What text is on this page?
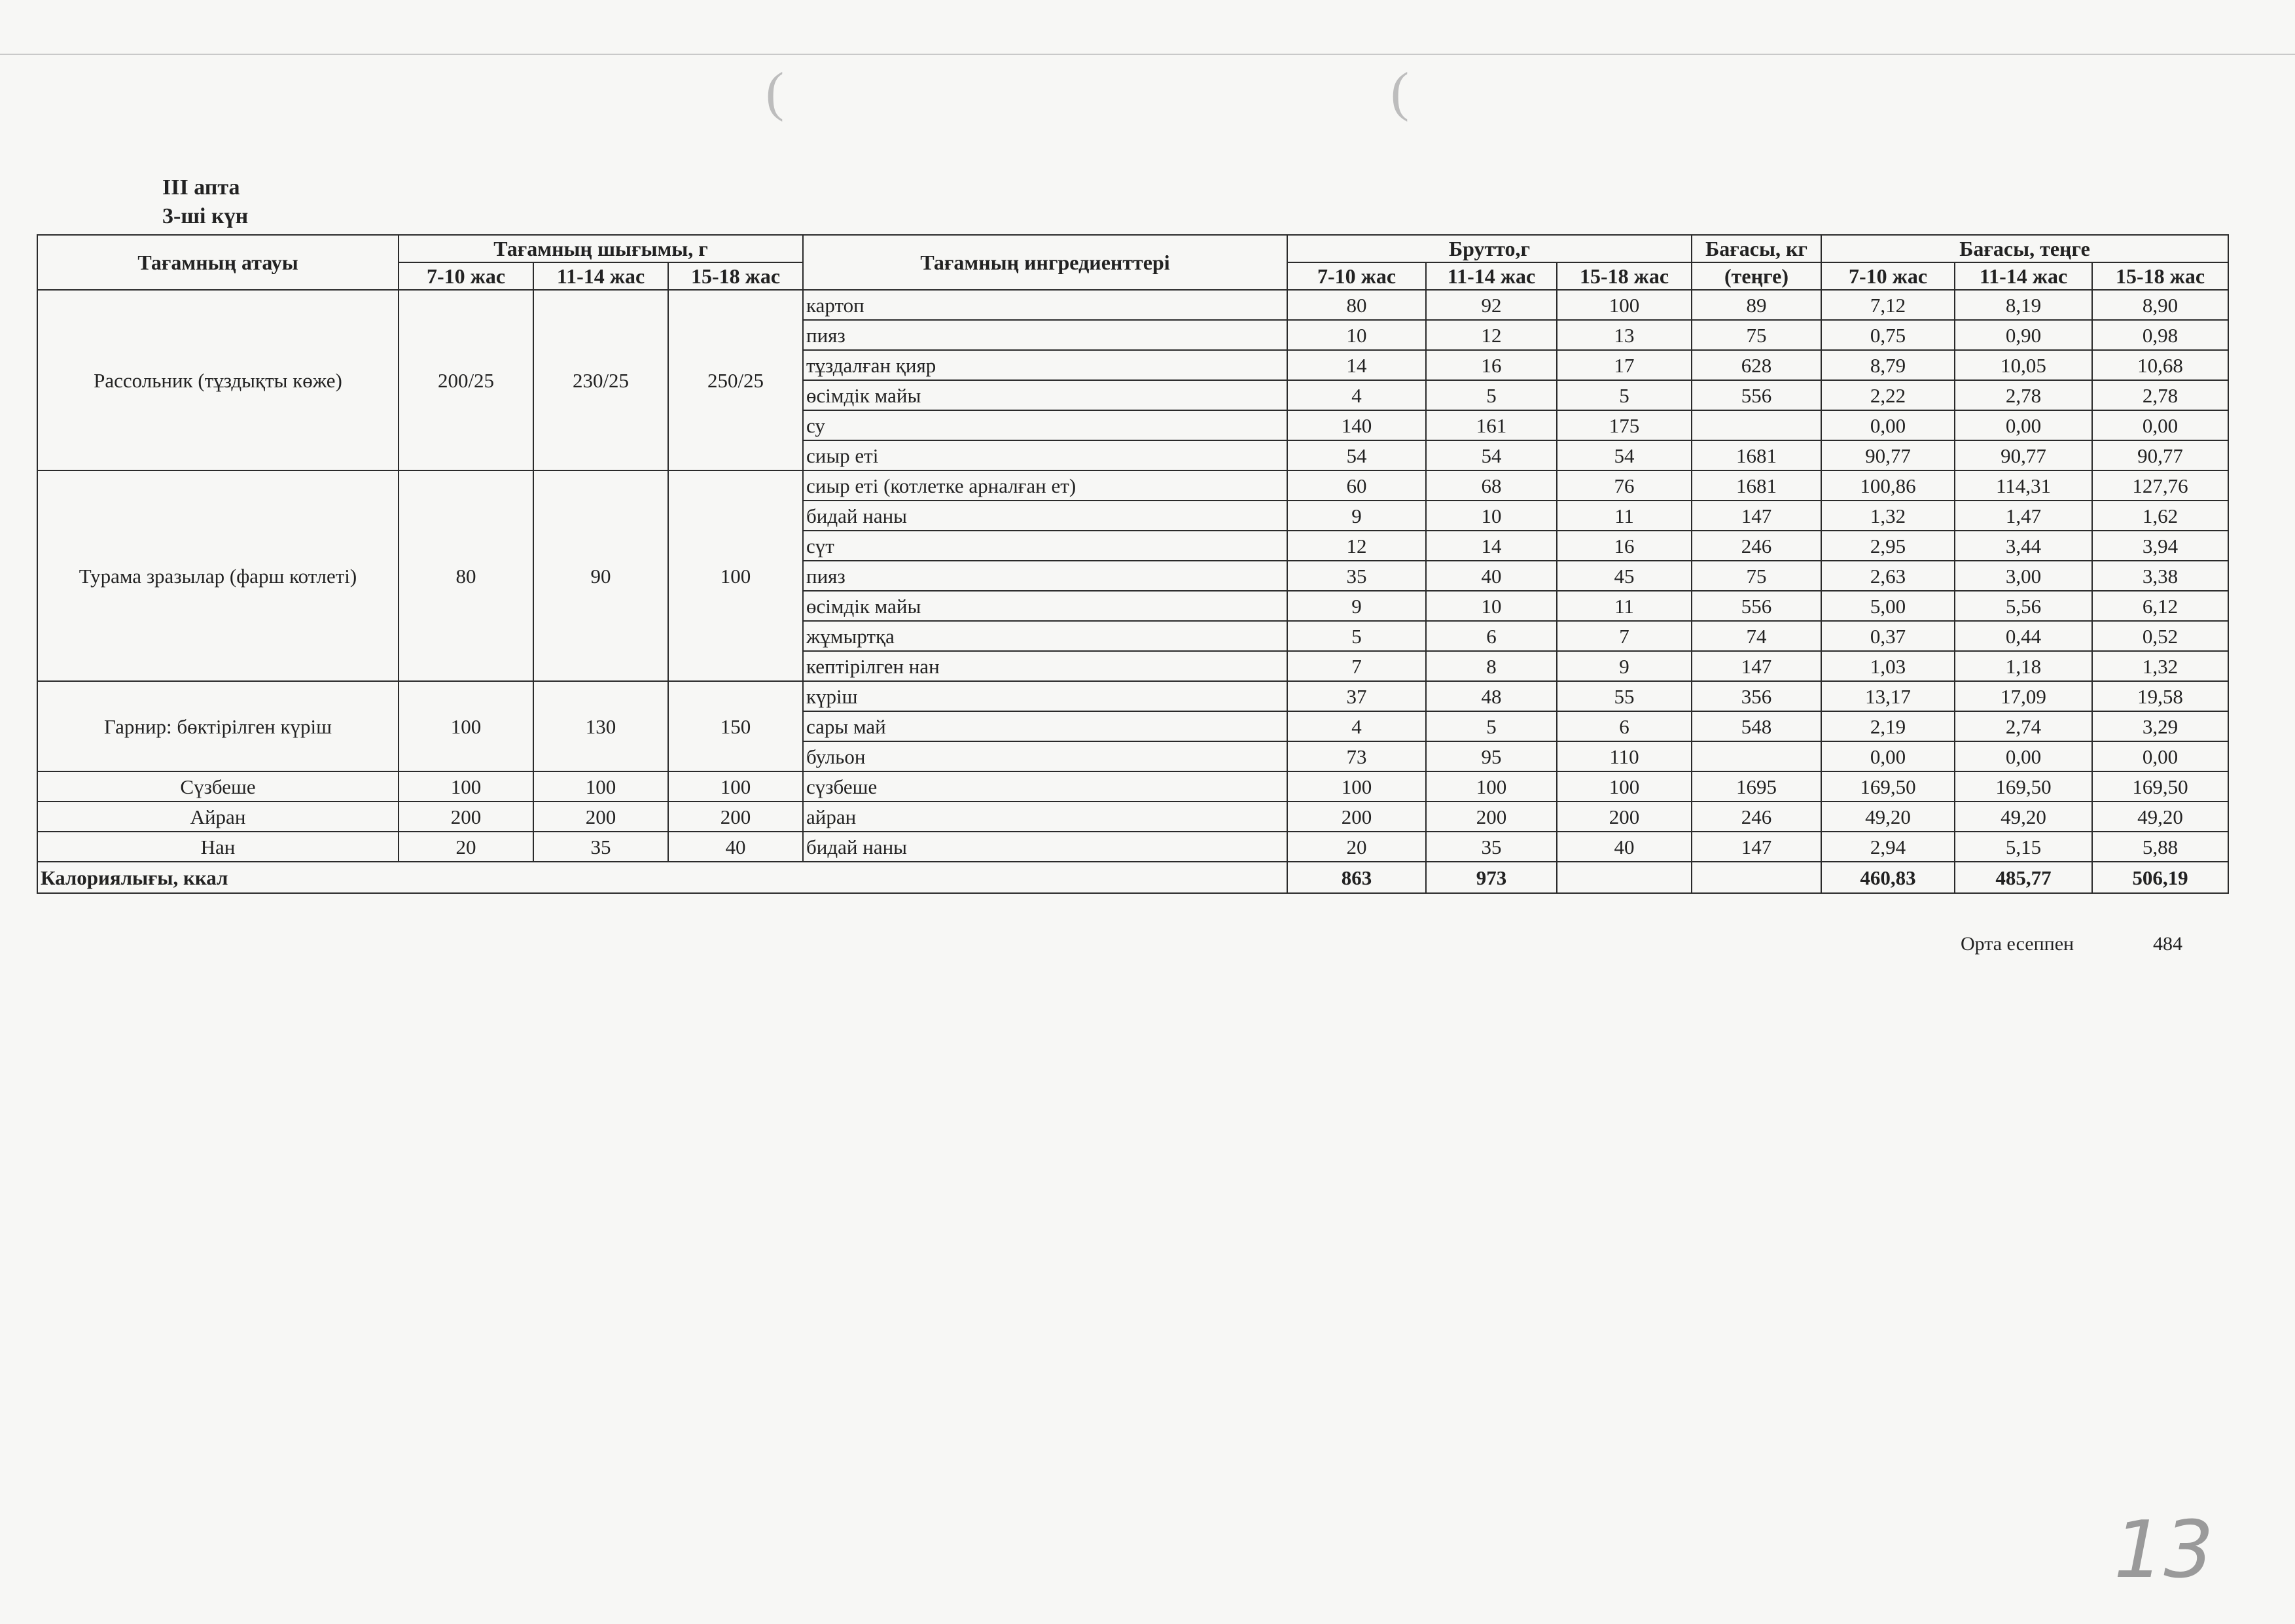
(	(
III апта
3-ші күн
Тағамның атауы	Тағамның шығымы, г			Тағамның ингредиенттері	Брутто,г			Бағасы, кг	Бағасы, теңге		
	7-10 жас	11-14 жас	15-18 жас		7-10 жас	11-14 жас	15-18 жас	(теңге)	7-10 жас	11-14 жас	15-18 жас
Рассольник (тұздықты көже)	200/25	230/25	250/25	картоп	80	92	100	89	7,12	8,19	8,90
				пияз	10	12	13	75	0,75	0,90	0,98
				тұздалған қияр	14	16	17	628	8,79	10,05	10,68
				өсімдік майы	4	5	5	556	2,22	2,78	2,78
				су	140	161	175		0,00	0,00	0,00
				сиыр еті	54	54	54	1681	90,77	90,77	90,77
Турама зразылар (фарш котлеті)	80	90	100	сиыр еті (котлетке арналған ет)	60	68	76	1681	100,86	114,31	127,76
				бидай наны	9	10	11	147	1,32	1,47	1,62
				сүт	12	14	16	246	2,95	3,44	3,94
				пияз	35	40	45	75	2,63	3,00	3,38
				өсімдік майы	9	10	11	556	5,00	5,56	6,12
				жұмыртқа	5	6	7	74	0,37	0,44	0,52
				кептірілген нан	7	8	9	147	1,03	1,18	1,32
Гарнир: бөктірілген күріш	100	130	150	күріш	37	48	55	356	13,17	17,09	19,58
				сары май	4	5	6	548	2,19	2,74	3,29
				бульон	73	95	110		0,00	0,00	0,00
Сүзбеше	100	100	100	сүзбеше	100	100	100	1695	169,50	169,50	169,50
Айран	200	200	200	айран	200	200	200	246	49,20	49,20	49,20
Нан	20	35	40	бидай наны	20	35	40	147	2,94	5,15	5,88
Калориялығы, ккал					863	973			460,83	485,77	506,19
Орта есеппен	484
13
